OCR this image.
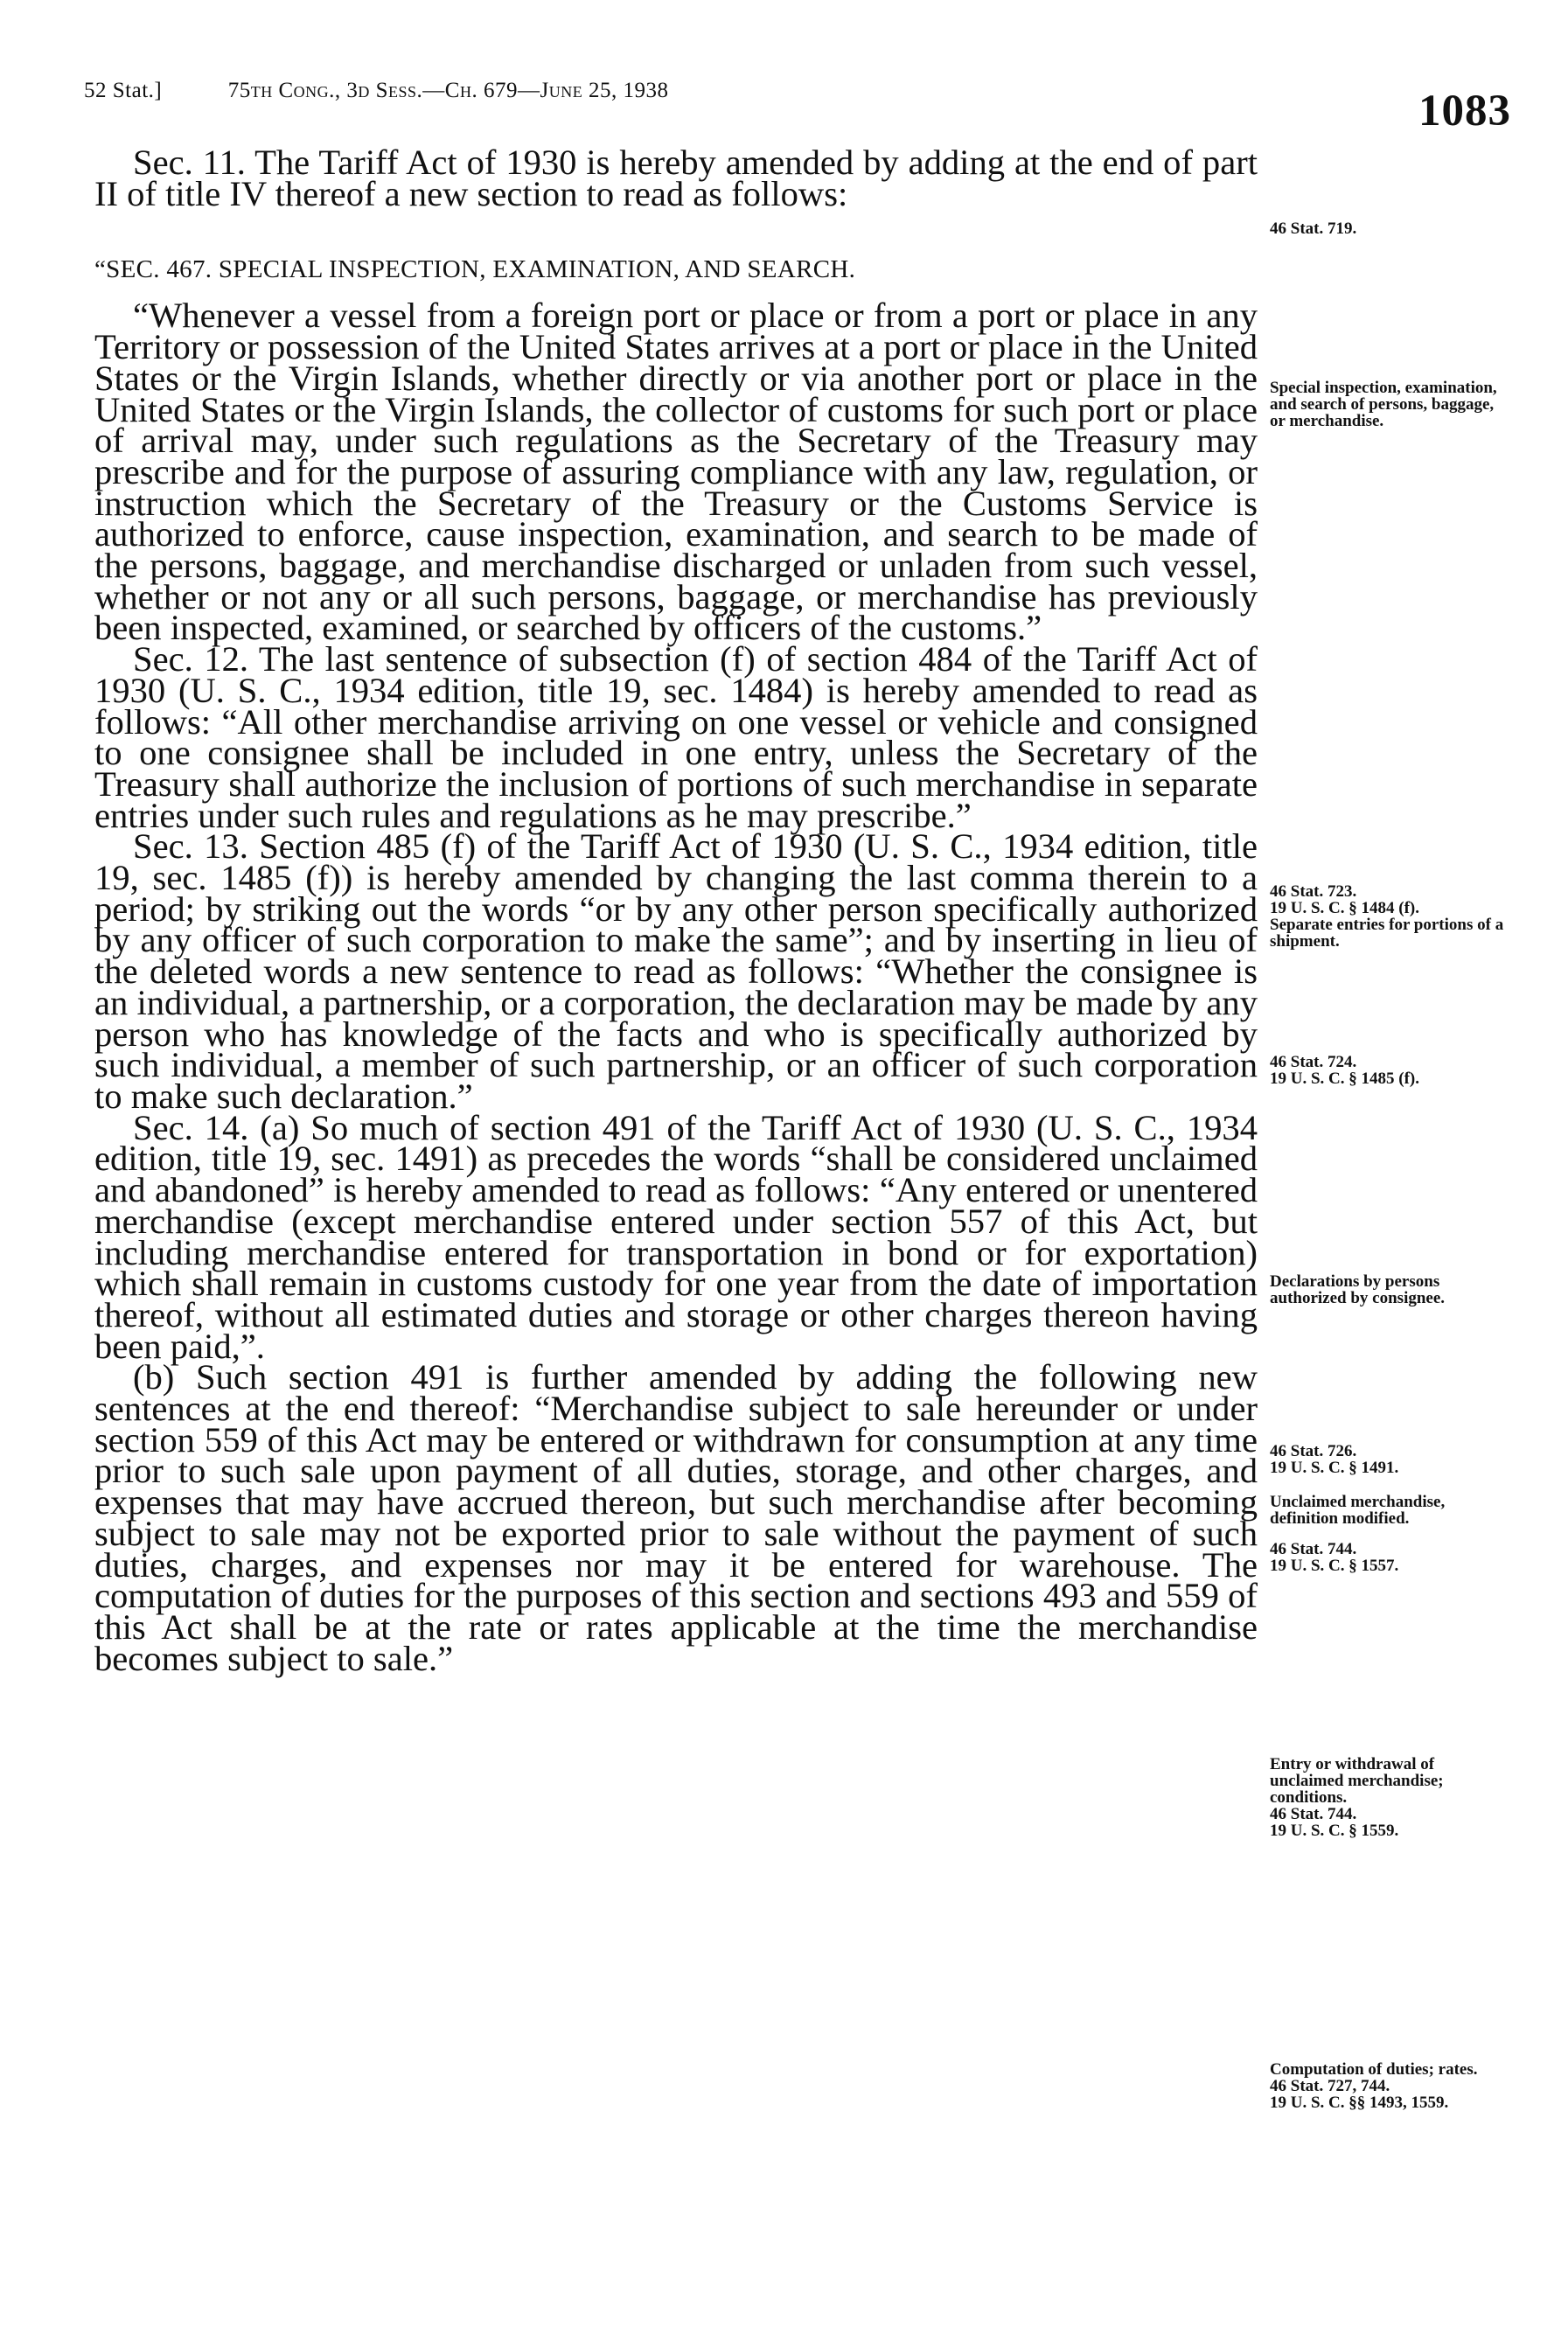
52 Stat.]	75th Cong., 3d Sess.—Ch. 679—June 25, 1938	1083

Sec. 11. The Tariff Act of 1930 is hereby amended by adding at the end of part II of title IV thereof a new section to read as follows:

“SEC. 467. SPECIAL INSPECTION, EXAMINATION, AND SEARCH.

“Whenever a vessel from a foreign port or place or from a port or place in any Territory or possession of the United States arrives at a port or place in the United States or the Virgin Islands, whether directly or via another port or place in the United States or the Virgin Islands, the collector of customs for such port or place of arrival may, under such regulations as the Secretary of the Treasury may prescribe and for the purpose of assuring compliance with any law, regulation, or instruction which the Secretary of the Treasury or the Customs Service is authorized to enforce, cause inspection, examination, and search to be made of the persons, baggage, and merchandise discharged or unladen from such vessel, whether or not any or all such persons, baggage, or merchandise has previously been inspected, examined, or searched by officers of the customs.”

Sec. 12. The last sentence of subsection (f) of section 484 of the Tariff Act of 1930 (U. S. C., 1934 edition, title 19, sec. 1484) is hereby amended to read as follows: “All other merchandise arriving on one vessel or vehicle and consigned to one consignee shall be included in one entry, unless the Secretary of the Treasury shall authorize the inclusion of portions of such merchandise in separate entries under such rules and regulations as he may prescribe.”

Sec. 13. Section 485 (f) of the Tariff Act of 1930 (U. S. C., 1934 edition, title 19, sec. 1485 (f)) is hereby amended by changing the last comma therein to a period; by striking out the words “or by any other person specifically authorized by any officer of such corporation to make the same”; and by inserting in lieu of the deleted words a new sentence to read as follows: “Whether the consignee is an individual, a partnership, or a corporation, the declaration may be made by any person who has knowledge of the facts and who is specifically authorized by such individual, a member of such partnership, or an officer of such corporation to make such declaration.”

Sec. 14. (a) So much of section 491 of the Tariff Act of 1930 (U. S. C., 1934 edition, title 19, sec. 1491) as precedes the words “shall be considered unclaimed and abandoned” is hereby amended to read as follows: “Any entered or unentered merchandise (except merchandise entered under section 557 of this Act, but including merchandise entered for transportation in bond or for exportation) which shall remain in customs custody for one year from the date of importation thereof, without all estimated duties and storage or other charges thereon having been paid,”.

(b) Such section 491 is further amended by adding the following new sentences at the end thereof: “Merchandise subject to sale hereunder or under section 559 of this Act may be entered or withdrawn for consumption at any time prior to such sale upon payment of all duties, storage, and other charges, and expenses that may have accrued thereon, but such merchandise after becoming subject to sale may not be exported prior to sale without the payment of such duties, charges, and expenses nor may it be entered for warehouse. The computation of duties for the purposes of this section and sections 493 and 559 of this Act shall be at the rate or rates applicable at the time the merchandise becomes subject to sale.”

46 Stat. 719.
Special inspection, examination, and search of persons, baggage, or merchandise.
46 Stat. 723.
19 U. S. C. § 1484 (f).
Separate entries for portions of a shipment.
46 Stat. 724.
19 U. S. C. § 1485 (f).
Declarations by persons authorized by consignee.
46 Stat. 726.
19 U. S. C. § 1491.
Unclaimed merchandise, definition modified.
46 Stat. 744.
19 U. S. C. § 1557.
Entry or withdrawal of unclaimed merchandise; conditions.
46 Stat. 744.
19 U. S. C. § 1559.
Computation of duties; rates.
46 Stat. 727, 744.
19 U. S. C. §§ 1493, 1559.
